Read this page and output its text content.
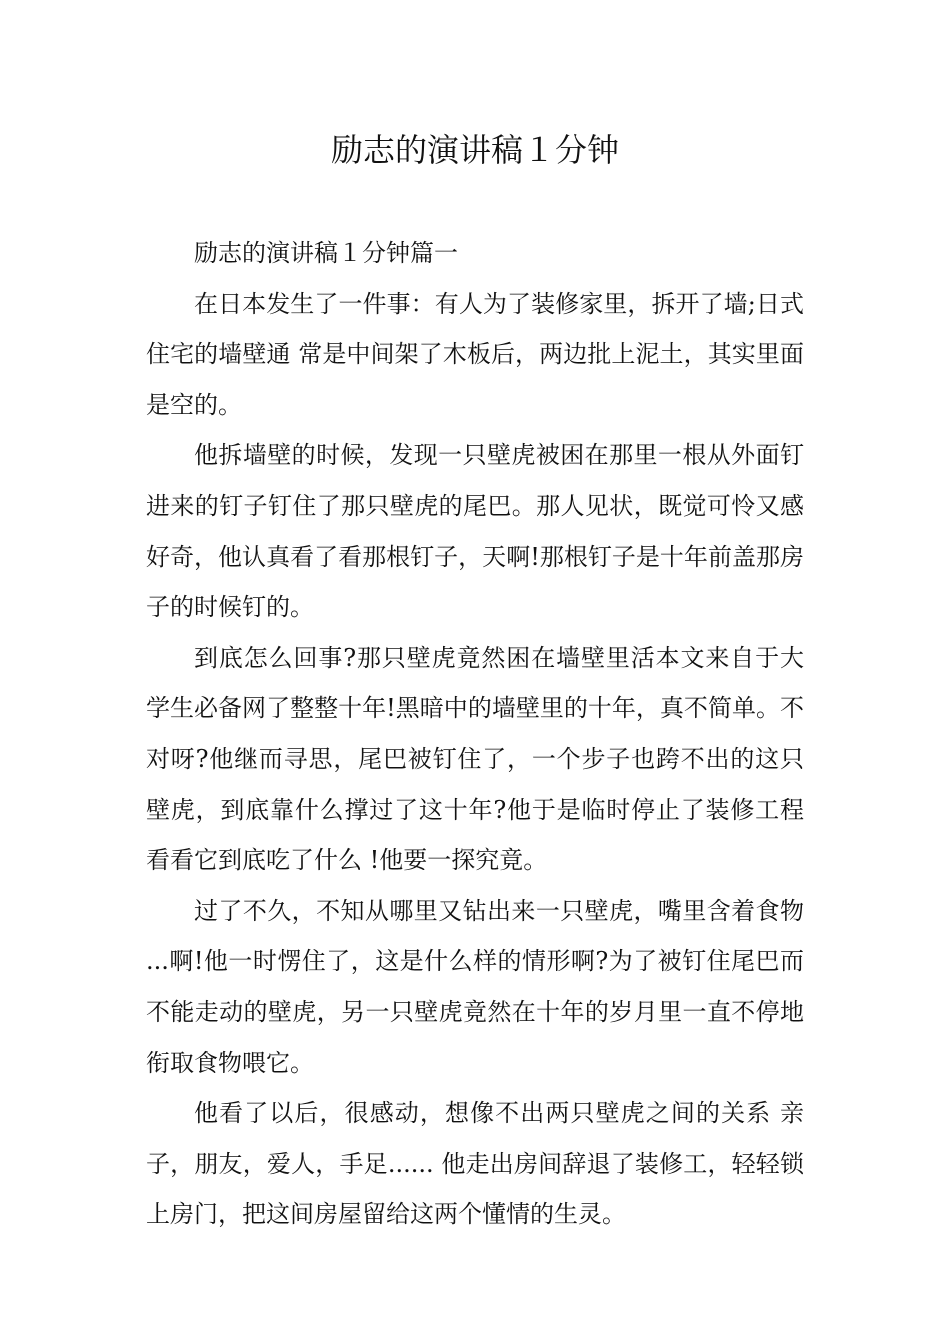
励志的演讲稿１分钟

励志的演讲稿１分钟篇一

在日本发生了一件事：有人为了装修家里，拆开了墙;日式住宅的墙壁通 常是中间架了木板后，两边批上泥土，其实里面是空的。

他拆墙壁的时候，发现一只壁虎被困在那里一根从外面钉进来的钉子钉住了那只壁虎的尾巴。那人见状，既觉可怜又感好奇，他认真看了看那根钉子，天啊!那根钉子是十年前盖那房子的时候钉的。

到底怎么回事?那只壁虎竟然困在墙壁里活本文来自于大学生必备网了整整十年!黑暗中的墙壁里的十年，真不简单。不对呀?他继而寻思，尾巴被钉住了，一个步子也跨不出的这只壁虎，到底靠什么撑过了这十年?他于是临时停止了装修工程看看它到底吃了什么 !他要一探究竟。

过了不久，不知从哪里又钻出来一只壁虎，嘴里含着食物 ...啊!他一时愣住了，这是什么样的情形啊?为了被钉住尾巴而不能走动的壁虎，另一只壁虎竟然在十年的岁月里一直不停地衔取食物喂它。

他看了以后，很感动，想像不出两只壁虎之间的关系 亲子，朋友，爱人，手足...... 他走出房间辞退了装修工，轻轻锁上房门，把这间房屋留给这两个懂情的生灵。
